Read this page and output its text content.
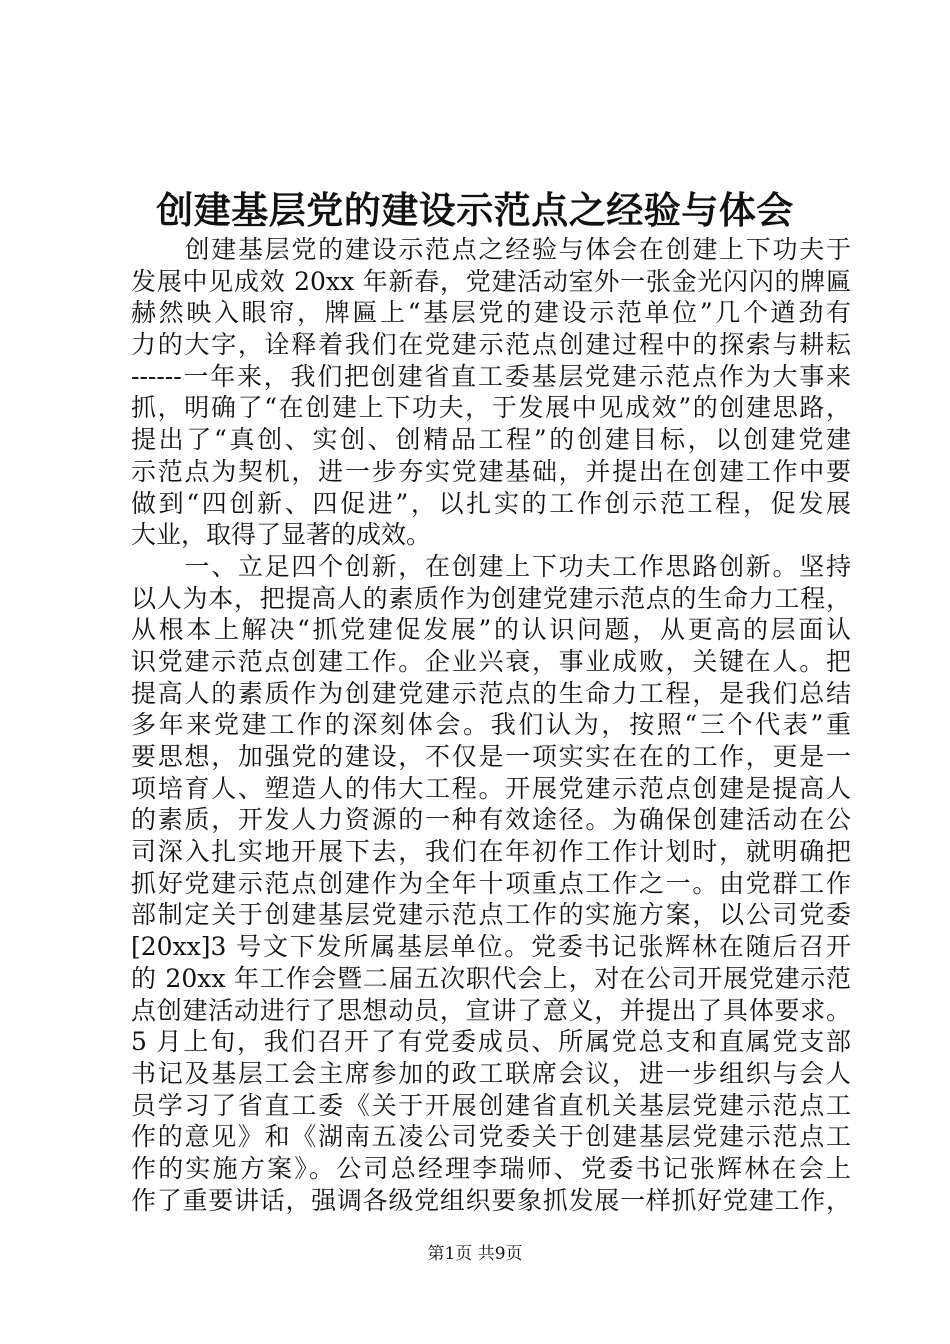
创建基层党的建设示范点之经验与体会
　　创建基层党的建设示范点之经验与体会在创建上下功夫于
发展中见成效 20xx 年新春，党建活动室外一张金光闪闪的牌匾
赫然映入眼帘，牌匾上“基层党的建设示范单位”几个遒劲有
力的大字，诠释着我们在党建示范点创建过程中的探索与耕耘
------一年来，我们把创建省直工委基层党建示范点作为大事来
抓，明确了“在创建上下功夫，于发展中见成效”的创建思路，
提出了“真创、实创、创精品工程”的创建目标，以创建党建
示范点为契机，进一步夯实党建基础，并提出在创建工作中要
做到“四创新、四促进”，以扎实的工作创示范工程，促发展
大业，取得了显著的成效。
　　一、立足四个创新，在创建上下功夫工作思路创新。坚持
以人为本，把提高人的素质作为创建党建示范点的生命力工程，
从根本上解决“抓党建促发展”的认识问题，从更高的层面认
识党建示范点创建工作。企业兴衰，事业成败，关键在人。把
提高人的素质作为创建党建示范点的生命力工程，是我们总结
多年来党建工作的深刻体会。我们认为，按照“三个代表”重
要思想，加强党的建设，不仅是一项实实在在的工作，更是一
项培育人、塑造人的伟大工程。开展党建示范点创建是提高人
的素质，开发人力资源的一种有效途径。为确保创建活动在公
司深入扎实地开展下去，我们在年初作工作计划时，就明确把
抓好党建示范点创建作为全年十项重点工作之一。由党群工作
部制定关于创建基层党建示范点工作的实施方案，以公司党委
[20xx]3 号文下发所属基层单位。党委书记张辉林在随后召开
的 20xx 年工作会暨二届五次职代会上，对在公司开展党建示范
点创建活动进行了思想动员，宣讲了意义，并提出了具体要求。
5 月上旬，我们召开了有党委成员、所属党总支和直属党支部
书记及基层工会主席参加的政工联席会议，进一步组织与会人
员学习了省直工委《关于开展创建省直机关基层党建示范点工
作的意见》和《湖南五凌公司党委关于创建基层党建示范点工
作的实施方案》。公司总经理李瑞师、党委书记张辉林在会上
作了重要讲话，强调各级党组织要象抓发展一样抓好党建工作，
第1页 共9页
